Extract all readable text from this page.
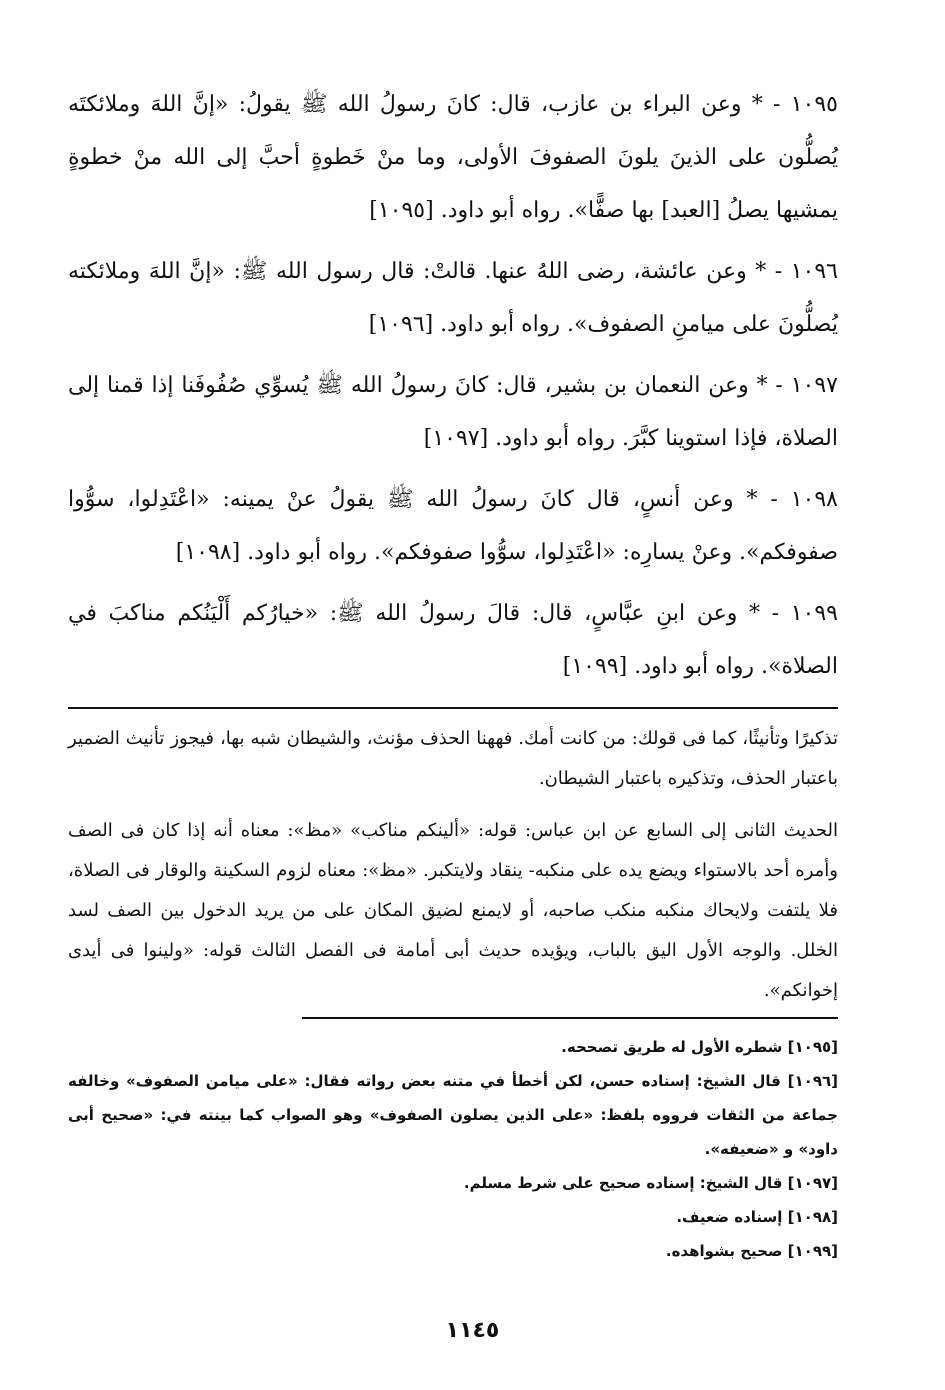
١٠٩٥ - * وعن البراء بن عازب، قال: كانَ رسولُ الله ﷺ يقولُ: «إنَّ اللهَ وملائكتَه يُصلُّون على الذينَ يلونَ الصفوفَ الأولى، وما منْ خَطوةٍ أحبَّ إلى الله منْ خطوةٍ يمشيها يصلُ [العبد] بها صفًّا». رواه أبو داود. [١٠٩٥]

١٠٩٦ - * وعن عائشة، رضى اللهُ عنها. قالتْ: قال رسول الله ﷺ: «إنَّ اللهَ وملائكته يُصلُّونَ على ميامنِ الصفوف». رواه أبو داود. [١٠٩٦]

١٠٩٧ - * وعن النعمان بن بشير، قال: كانَ رسولُ الله ﷺ يُسوِّي صُفُوفَنا إذا قمنا إلى الصلاة، فإذا استوينا كبَّرَ. رواه أبو داود. [١٠٩٧]

١٠٩٨ - * وعن أنسٍ، قال كانَ رسولُ الله ﷺ يقولُ عنْ يمينه: «اعْتَدِلوا، سوُّوا صفوفكم». وعنْ يسارِه: «اعْتَدِلوا، سوُّوا صفوفكم». رواه أبو داود. [١٠٩٨]

١٠٩٩ - * وعن ابنِ عبَّاسٍ، قال: قالَ رسولُ الله ﷺ: «خيارُكم أَلْيَنُكم مناكبَ في الصلاة». رواه أبو داود. [١٠٩٩]

تذكيرًا وتأنيثًا، كما فى قولك: من كانت أمك. فههنا الحذف مؤنث، والشيطان شبه بها، فيجوز تأنيث الضمير باعتبار الحذف، وتذكيره باعتبار الشيطان.

الحديث الثانى إلى السابع عن ابن عباس: قوله: «ألينكم مناكب» «مظ»: معناه أنه إذا كان فى الصف وأمره أحد بالاستواء ويضع يده على منكبه- ينقاد ولايتكبر. «مظ»: معناه لزوم السكينة والوقار فى الصلاة، فلا يلتفت ولايحاك منكبه منكب صاحبه، أو لايمنع لضيق المكان على من يريد الدخول بين الصف لسد الخلل. والوجه الأول اليق بالباب، ويؤيده حديث أبى أمامة فى الفصل الثالث قوله: «ولينوا فى أيدى إخوانكم».

[١٠٩٥] شطره الأول له طريق تصححه.

[١٠٩٦] قال الشيخ: إسناده حسن، لكن أخطأ في متنه بعض رواته فقال: «على ميامن الصفوف» وخالفه جماعة من الثقات فرووه بلفظ: «على الذين يصلون الصفوف» وهو الصواب كما بينته في: «صحيح أبى داود» و «ضعيفه».

[١٠٩٧] قال الشيخ: إسناده صحيح على شرط مسلم.

[١٠٩٨] إسناده ضعيف.

[١٠٩٩] صحيح بشواهده.

١١٤٥
